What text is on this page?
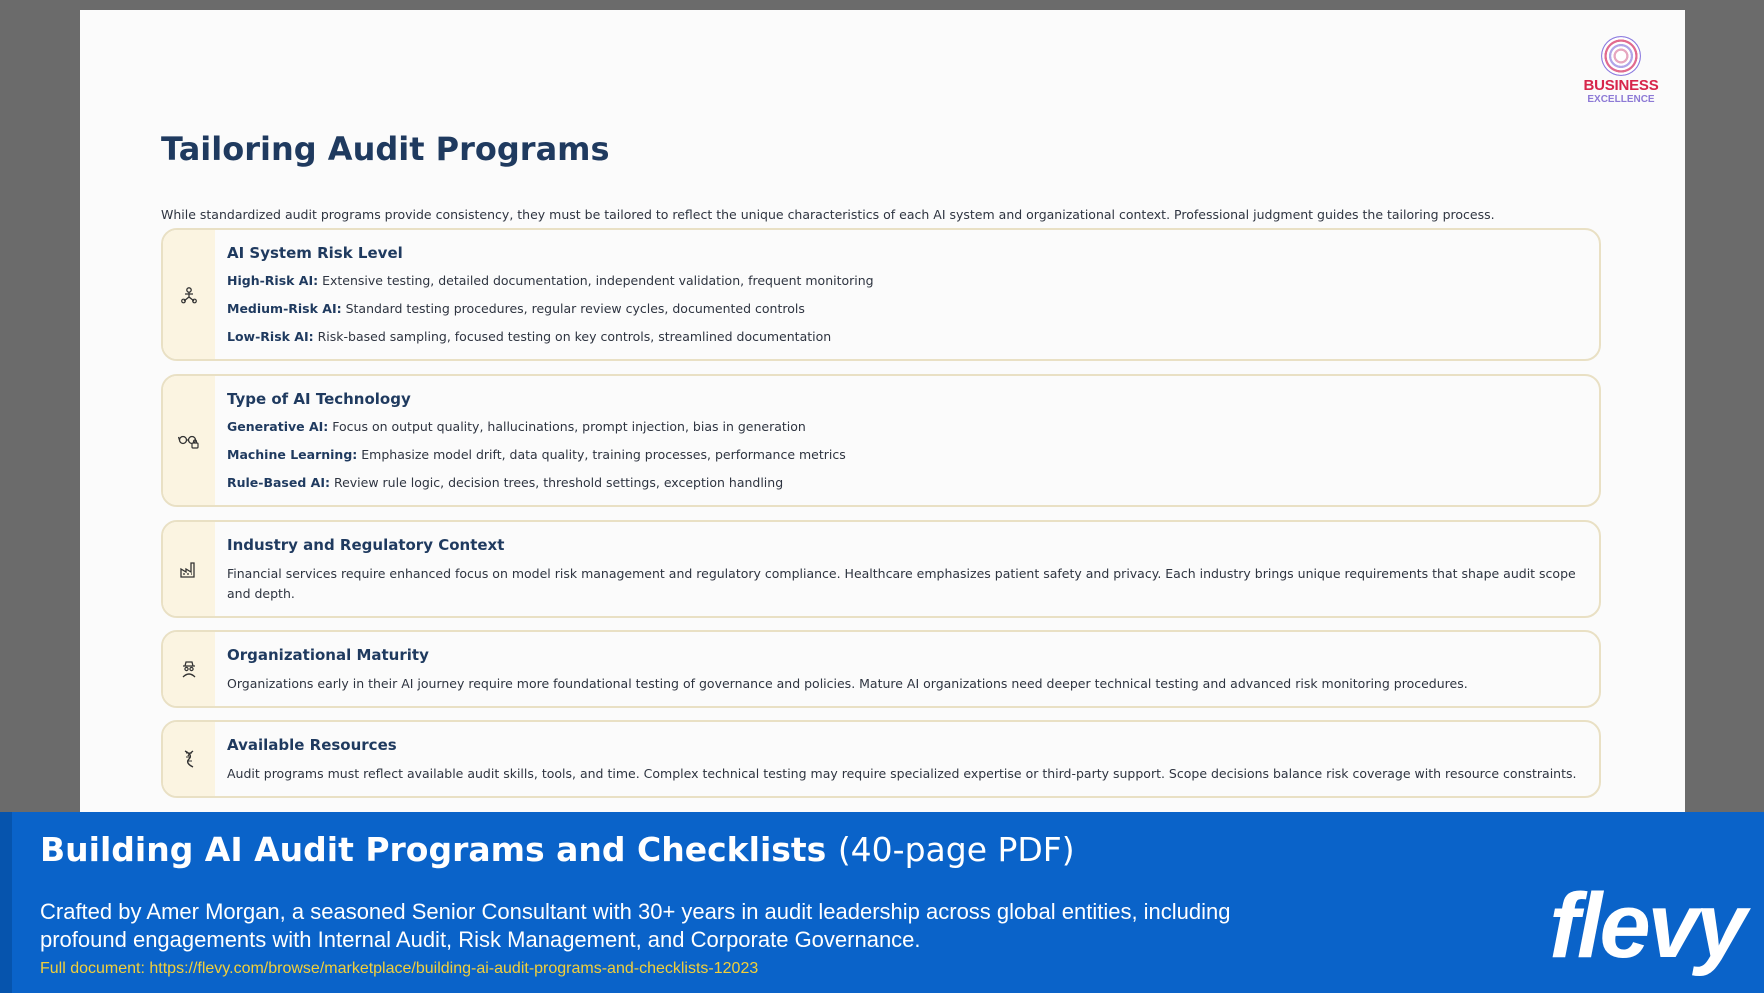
BUSINESS
EXCELLENCE
Tailoring Audit Programs

While standardized audit programs provide consistency, they must be tailored to reflect the unique characteristics of each AI system and organizational context. Professional judgment guides the tailoring process.

AI System Risk Level

High-Risk AI: Extensive testing, detailed documentation, independent validation, frequent monitoring

Medium-Risk AI: Standard testing procedures, regular review cycles, documented controls

Low-Risk AI: Risk-based sampling, focused testing on key controls, streamlined documentation

Type of AI Technology

Generative AI: Focus on output quality, hallucinations, prompt injection, bias in generation

Machine Learning: Emphasize model drift, data quality, training processes, performance metrics

Rule-Based AI: Review rule logic, decision trees, threshold settings, exception handling

Industry and Regulatory Context

Financial services require enhanced focus on model risk management and regulatory compliance. Healthcare emphasizes patient safety and privacy. Each industry brings unique requirements that shape audit scope and depth.

Organizational Maturity

Organizations early in their AI journey require more foundational testing of governance and policies. Mature AI organizations need deeper technical testing and advanced risk monitoring procedures.

Available Resources

Audit programs must reflect available audit skills, tools, and time. Complex technical testing may require specialized expertise or third-party support. Scope decisions balance risk coverage with resource constraints.

Building AI Audit Programs and Checklists (40-page PDF)

Crafted by Amer Morgan, a seasoned Senior Consultant with 30+ years in audit leadership across global entities, including profound engagements with Internal Audit, Risk Management, and Corporate Governance.

Full document: https://flevy.com/browse/marketplace/building-ai-audit-programs-and-checklists-12023	flevy
